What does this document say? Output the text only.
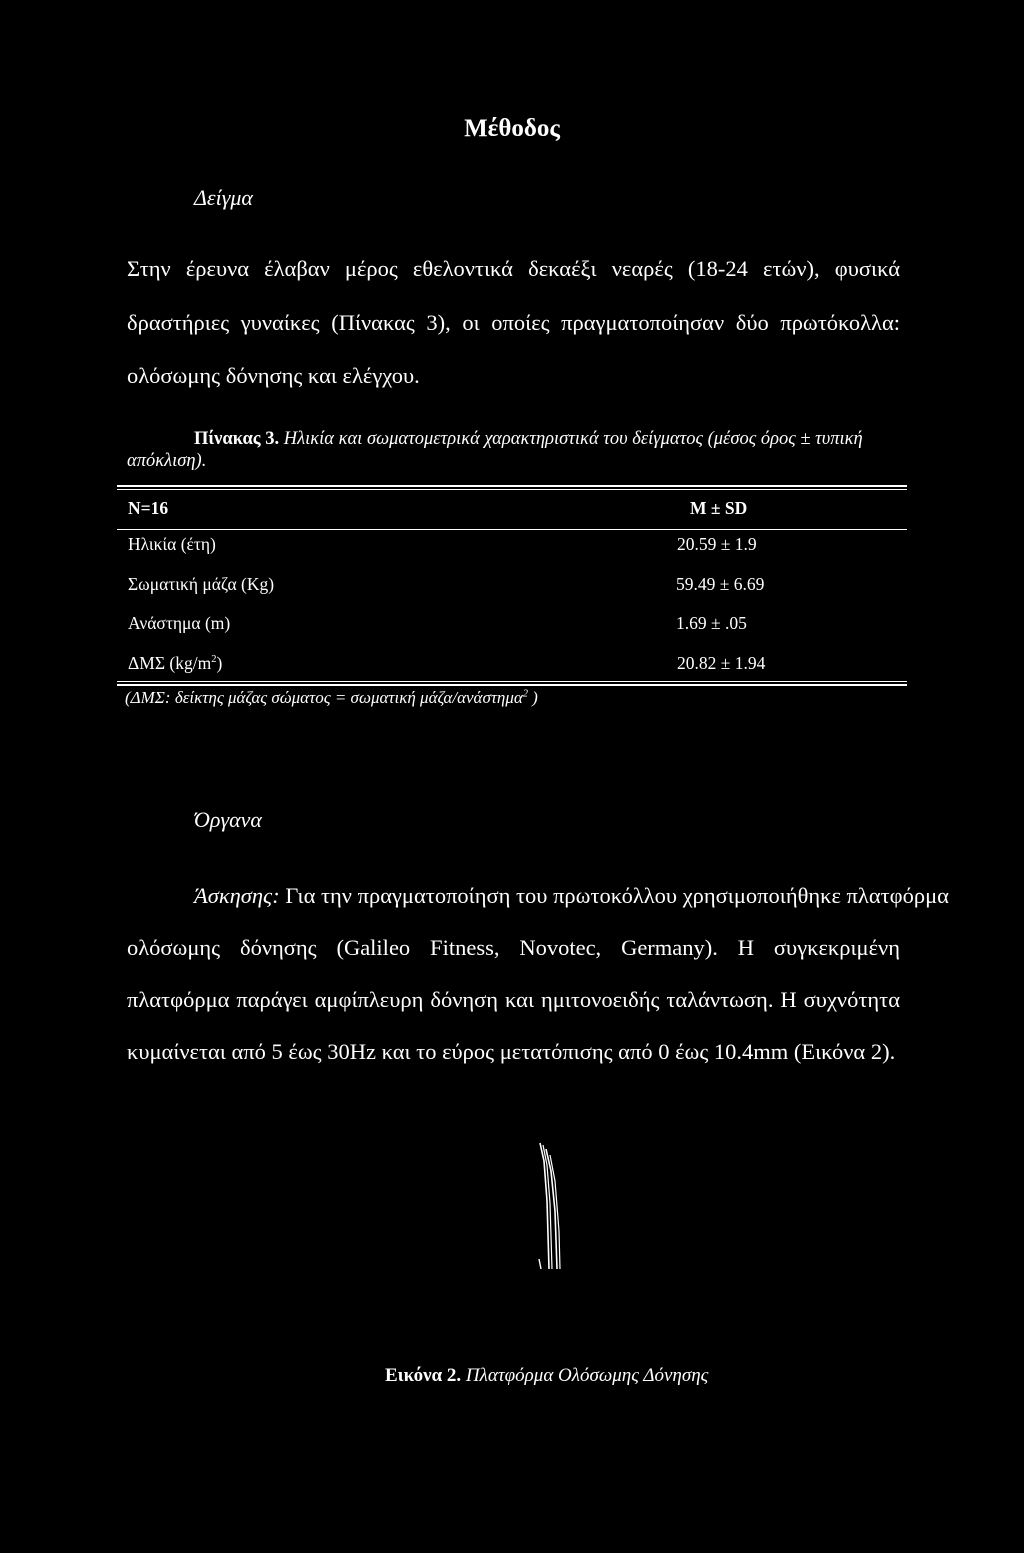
Μέθοδος
Δείγμα
Στην έρευνα έλαβαν μέρος εθελοντικά δεκαέξι νεαρές (18-24 ετών), φυσικά
δραστήριες γυναίκες (Πίνακας 3), οι οποίες πραγματοποίησαν δύο πρωτόκολλα:
ολόσωμης δόνησης και ελέγχου.
Πίνακας 3. Ηλικία και σωματομετρικά χαρακτηριστικά του δείγματος (μέσος όρος ± τυπική
απόκλιση).
N=16	M ± SD
Ηλικία (έτη)	20.59 ± 1.9
Σωματική μάζα (Kg)	59.49 ± 6.69
Ανάστημα (m)	1.69 ± .05
ΔΜΣ $(kg/m^2)$	20.82 ± 1.94
(ΔΜΣ: δείκτης μάζας σώματος = σωματική μάζα/ανάστημα$^2$ )
Όργανα
Άσκησης: Για την πραγματοποίηση του πρωτοκόλλου χρησιμοποιήθηκε πλατφόρμα
ολόσωμης δόνησης (Galileo Fitness, Novotec, Germany). Η συγκεκριμένη
πλατφόρμα παράγει αμφίπλευρη δόνηση και ημιτονοειδής ταλάντωση. Η συχνότητα
κυμαίνεται από 5 έως 30Hz και το εύρος μετατόπισης από 0 έως 10.4mm (Εικόνα 2).
Εικόνα 2. Πλατφόρμα Ολόσωμης Δόνησης
